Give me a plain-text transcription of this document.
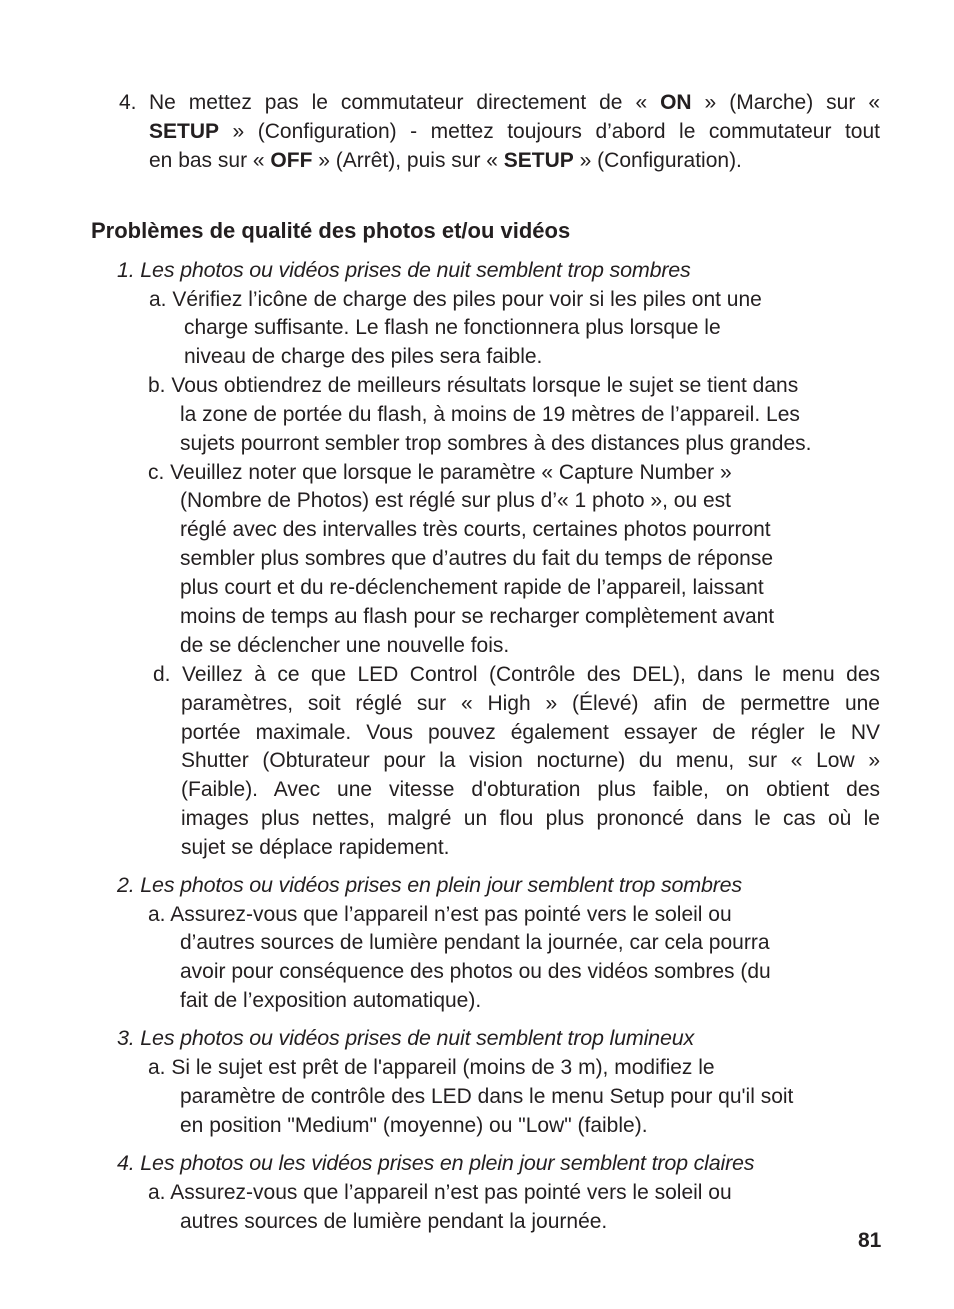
4. Ne mettez pas le commutateur directement de « ON » (Marche) sur «
SETUP » (Configuration) - mettez toujours d’abord le commutateur tout
en bas sur « OFF » (Arrêt), puis sur « SETUP » (Configuration).
Problèmes de qualité des photos et/ou vidéos
1. Les photos ou vidéos prises de nuit semblent trop sombres
a. Vérifiez l’icône de charge des piles pour voir si les piles ont une
charge suffisante. Le flash ne fonctionnera plus lorsque le
niveau de charge des piles sera faible.
b. Vous obtiendrez de meilleurs résultats lorsque le sujet se tient dans
la zone de portée du flash, à moins de 19 mètres de l’appareil. Les
sujets pourront sembler trop sombres à des distances plus grandes.
c. Veuillez noter que lorsque le paramètre « Capture Number »
(Nombre de Photos) est réglé sur plus d’« 1 photo », ou est
réglé avec des intervalles très courts, certaines photos pourront
sembler plus sombres que d’autres du fait du temps de réponse
plus court et du re-déclenchement rapide de l’appareil, laissant
moins de temps au flash pour se recharger complètement avant
de se déclencher une nouvelle fois.
d. Veillez à ce que LED Control (Contrôle des DEL), dans le menu des
paramètres, soit réglé sur « High » (Élevé) afin de permettre une
portée maximale. Vous pouvez également essayer de régler le NV
Shutter (Obturateur pour la vision nocturne) du menu, sur « Low »
(Faible). Avec une vitesse d'obturation plus faible, on obtient des
images plus nettes, malgré un flou plus prononcé dans le cas où le
sujet se déplace rapidement.
2. Les photos ou vidéos prises en plein jour semblent trop sombres
a. Assurez-vous que l’appareil n’est pas pointé vers le soleil ou
d’autres sources de lumière pendant la journée, car cela pourra
avoir pour conséquence des photos ou des vidéos sombres (du
fait de l’exposition automatique).
3. Les photos ou vidéos prises de nuit semblent trop lumineux
a. Si le sujet est prêt de l'appareil (moins de 3 m), modifiez le
paramètre de contrôle des LED dans le menu Setup pour qu'il soit
en position "Medium" (moyenne) ou "Low" (faible).
4. Les photos ou les vidéos prises en plein jour semblent trop claires
a. Assurez-vous que l’appareil n’est pas pointé vers le soleil ou
autres sources de lumière pendant la journée.
81
